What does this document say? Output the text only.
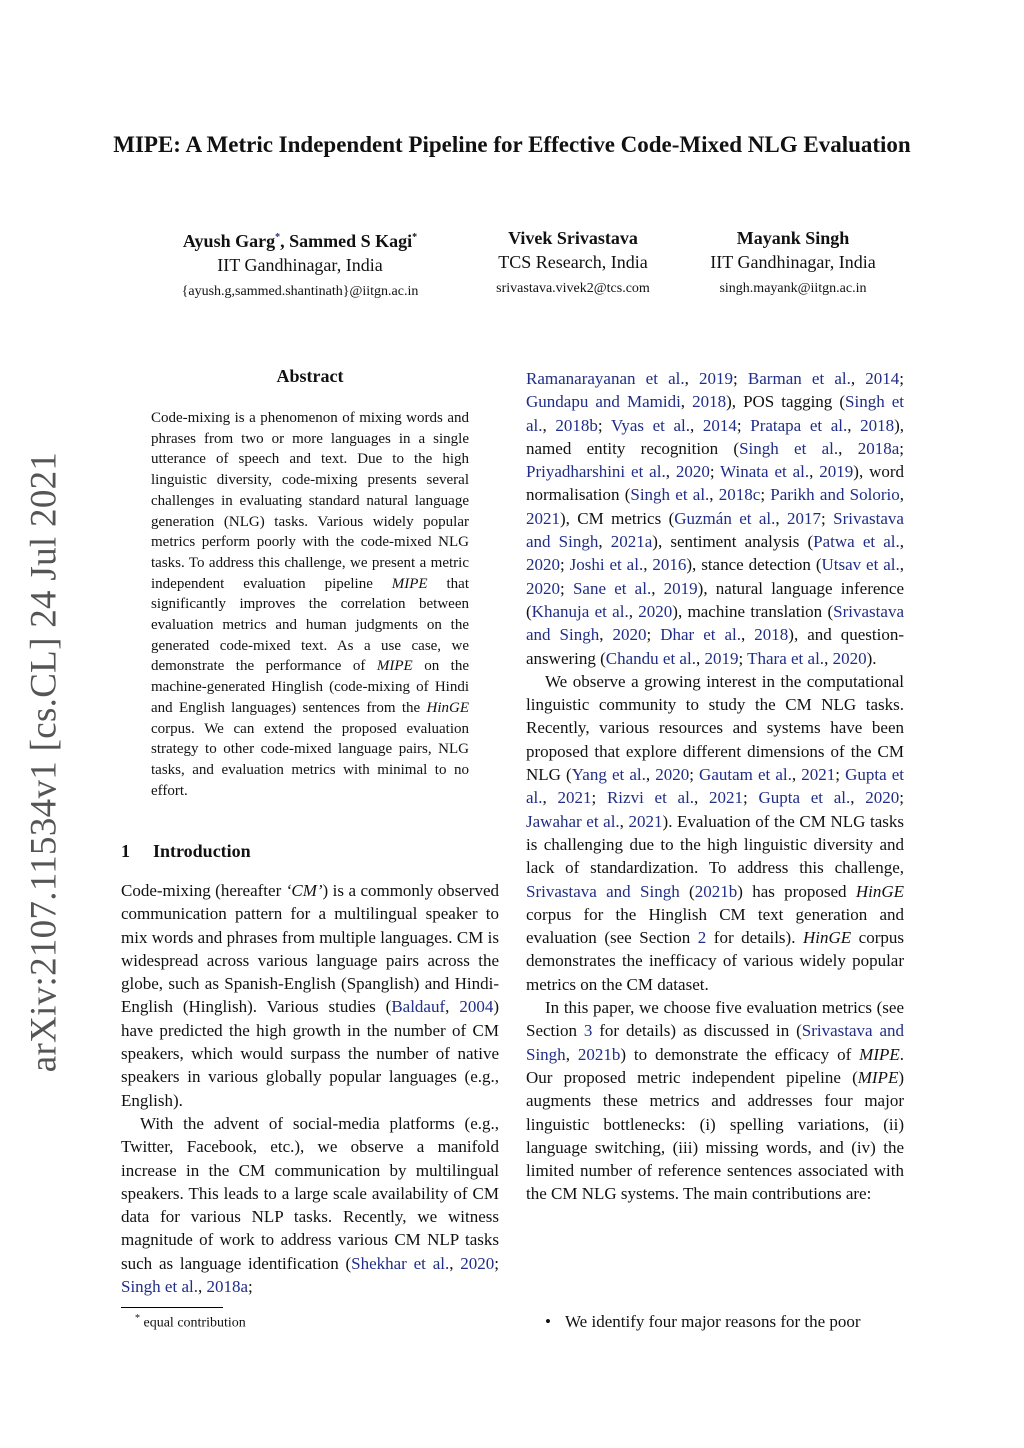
MIPE: A Metric Independent Pipeline for Effective Code-Mixed NLG Evaluation
Ayush Garg*, Sammed S Kagi*
IIT Gandhinagar, India
{ayush.g,sammed.shantinath}@iitgn.ac.in
Vivek Srivastava
TCS Research, India
srivastava.vivek2@tcs.com
Mayank Singh
IIT Gandhinagar, India
singh.mayank@iitgn.ac.in
arXiv:2107.11534v1 [cs.CL] 24 Jul 2021
Abstract
Code-mixing is a phenomenon of mixing words and phrases from two or more languages in a single utterance of speech and text. Due to the high linguistic diversity, code-mixing presents several challenges in evaluating standard natural language generation (NLG) tasks. Various widely popular metrics perform poorly with the code-mixed NLG tasks. To address this challenge, we present a metric independent evaluation pipeline MIPE that significantly improves the correlation between evaluation metrics and human judgments on the generated code-mixed text. As a use case, we demonstrate the performance of MIPE on the machine-generated Hinglish (code-mixing of Hindi and English languages) sentences from the HinGE corpus. We can extend the proposed evaluation strategy to other code-mixed language pairs, NLG tasks, and evaluation metrics with minimal to no effort.
1 Introduction

Code-mixing (hereafter ‘CM’) is a commonly observed communication pattern for a multilingual speaker to mix words and phrases from multiple languages. CM is widespread across various language pairs across the globe, such as Spanish-English (Spanglish) and Hindi-English (Hinglish). Various studies (Baldauf, 2004) have predicted the high growth in the number of CM speakers, which would surpass the number of native speakers in various globally popular languages (e.g., English).

With the advent of social-media platforms (e.g., Twitter, Facebook, etc.), we observe a manifold increase in the CM communication by multilingual speakers. This leads to a large scale availability of CM data for various NLP tasks. Recently, we witness magnitude of work to address various CM NLP tasks such as language identification (Shekhar et al., 2020; Singh et al., 2018a;

Ramanarayanan et al., 2019; Barman et al., 2014; Gundapu and Mamidi, 2018), POS tagging (Singh et al., 2018b; Vyas et al., 2014; Pratapa et al., 2018), named entity recognition (Singh et al., 2018a; Priyadharshini et al., 2020; Winata et al., 2019), word normalisation (Singh et al., 2018c; Parikh and Solorio, 2021), CM metrics (Guzmán et al., 2017; Srivastava and Singh, 2021a), sentiment analysis (Patwa et al., 2020; Joshi et al., 2016), stance detection (Utsav et al., 2020; Sane et al., 2019), natural language inference (Khanuja et al., 2020), machine translation (Srivastava and Singh, 2020; Dhar et al., 2018), and question-answering (Chandu et al., 2019; Thara et al., 2020).

We observe a growing interest in the computational linguistic community to study the CM NLG tasks. Recently, various resources and systems have been proposed that explore different dimensions of the CM NLG (Yang et al., 2020; Gautam et al., 2021; Gupta et al., 2021; Rizvi et al., 2021; Gupta et al., 2020; Jawahar et al., 2021). Evaluation of the CM NLG tasks is challenging due to the high linguistic diversity and lack of standardization. To address this challenge, Srivastava and Singh (2021b) has proposed HinGE corpus for the Hinglish CM text generation and evaluation (see Section 2 for details). HinGE corpus demonstrates the inefficacy of various widely popular metrics on the CM dataset.

In this paper, we choose five evaluation metrics (see Section 3 for details) as discussed in (Srivastava and Singh, 2021b) to demonstrate the efficacy of MIPE. Our proposed metric independent pipeline (MIPE) augments these metrics and addresses four major linguistic bottlenecks: (i) spelling variations, (ii) language switching, (iii) missing words, and (iv) the limited number of reference sentences associated with the CM NLG systems. The main contributions are:

• We identify four major reasons for the poor
* equal contribution
